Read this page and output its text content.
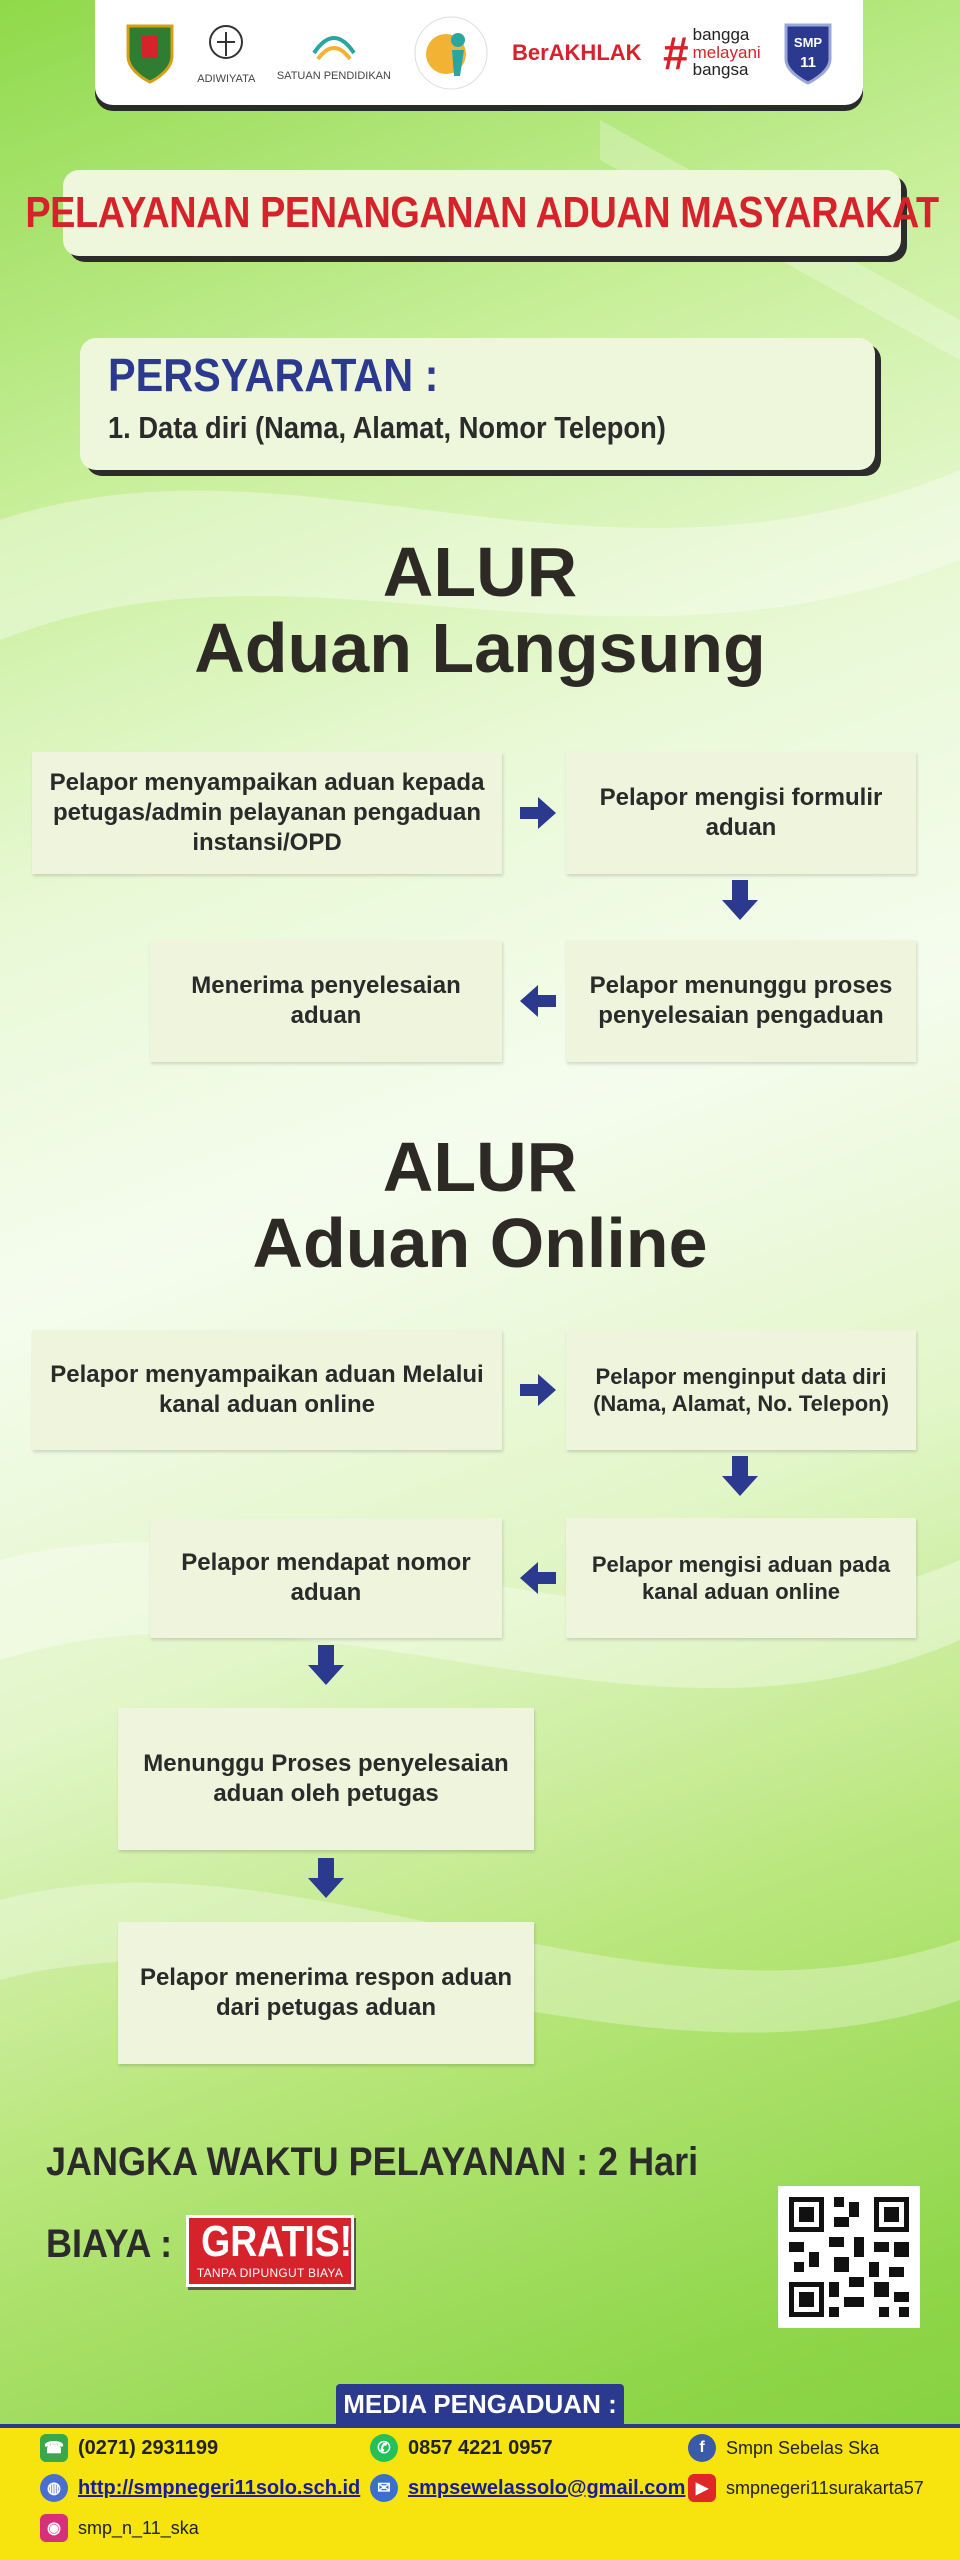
ADIWIYATA SATUAN PENDIDIKAN
BerAKHLAK # bangga
melayani
bangsa
SMP
11
PELAYANAN PENANGANAN ADUAN MASYARAKAT
PERSYARATAN :
1. Data diri (Nama, Alamat, Nomor Telepon)
ALUR
Aduan Langsung
Pelapor menyampaikan aduan kepada petugas/admin pelayanan pengaduan instansi/OPD
Pelapor mengisi formulir aduan
Pelapor menunggu proses penyelesaian pengaduan
Menerima penyelesaian aduan
ALUR
Aduan Online
Pelapor menyampaikan aduan Melalui kanal aduan online
Pelapor menginput data diri (Nama, Alamat, No. Telepon)
Pelapor mengisi aduan pada kanal aduan online
Pelapor mendapat nomor aduan
Menunggu Proses penyelesaian aduan oleh petugas
Pelapor menerima respon aduan dari petugas aduan
JANGKA WAKTU PELAYANAN : 2 Hari
BIAYA : GRATIS!
TANPA DIPUNGUT BIAYA
MEDIA PENGADUAN :
☎ (0271) 2931199	✆ 0857 4221 0957	f	Smpn Sebelas Ska
◍ http://smpnegeri11solo.sch.id	✉ smpsewelassolo@gmail.com ▶ smpnegeri11surakarta57
◉ smp_n_11_ska
